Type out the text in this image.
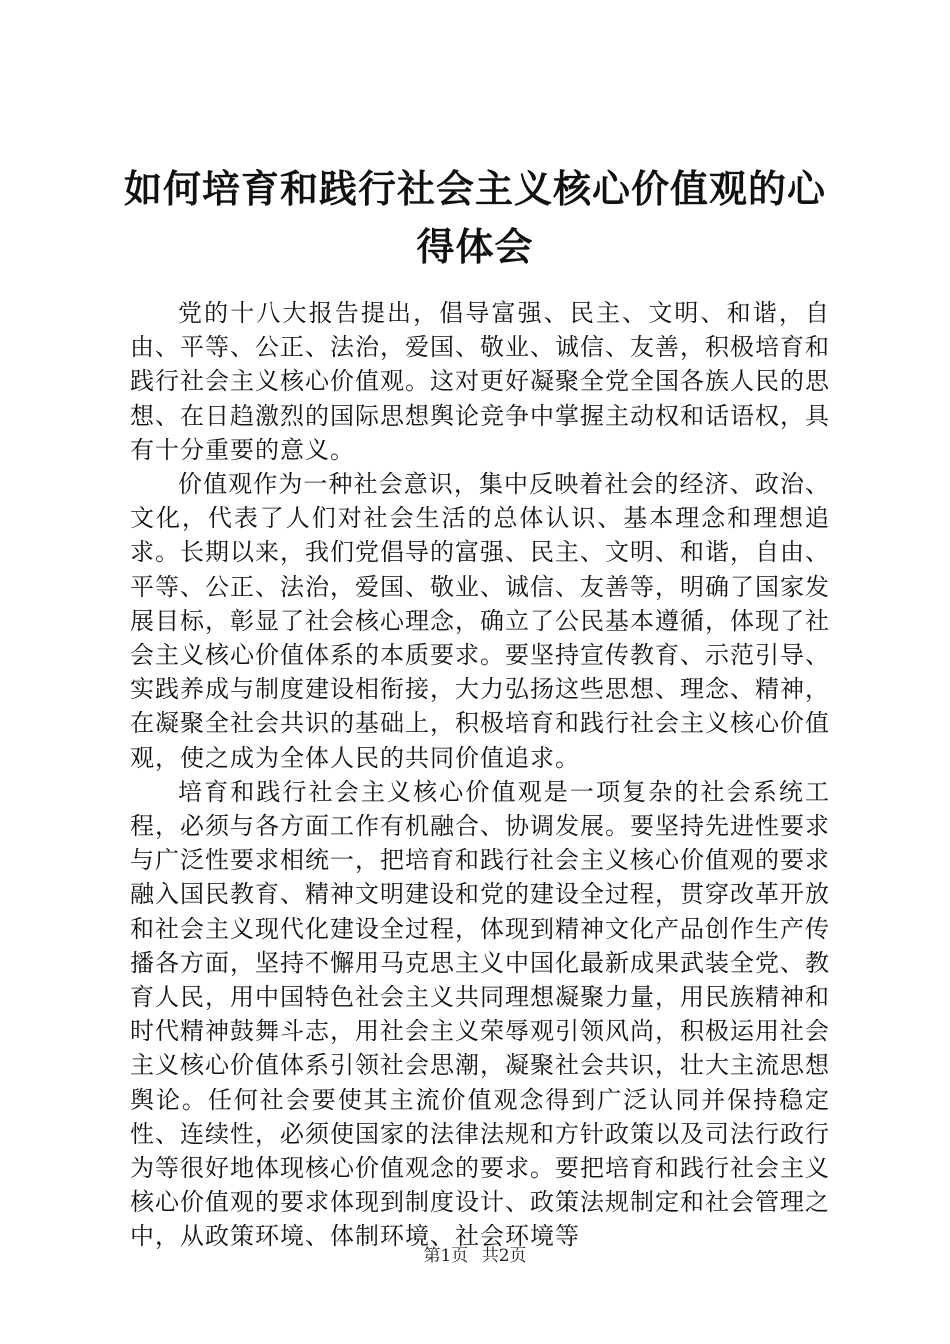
如何培育和践行社会主义核心价值观的心得体会

党的十八大报告提出，倡导富强、民主、文明、和谐，自由、平等、公正、法治，爱国、敬业、诚信、友善，积极培育和践行社会主义核心价值观。这对更好凝聚全党全国各族人民的思想、在日趋激烈的国际思想舆论竞争中掌握主动权和话语权，具有十分重要的意义。

价值观作为一种社会意识，集中反映着社会的经济、政治、文化，代表了人们对社会生活的总体认识、基本理念和理想追求。长期以来，我们党倡导的富强、民主、文明、和谐，自由、平等、公正、法治，爱国、敬业、诚信、友善等，明确了国家发展目标，彰显了社会核心理念，确立了公民基本遵循，体现了社会主义核心价值体系的本质要求。要坚持宣传教育、示范引导、实践养成与制度建设相衔接，大力弘扬这些思想、理念、精神，在凝聚全社会共识的基础上，积极培育和践行社会主义核心价值观，使之成为全体人民的共同价值追求。

培育和践行社会主义核心价值观是一项复杂的社会系统工程，必须与各方面工作有机融合、协调发展。要坚持先进性要求与广泛性要求相统一，把培育和践行社会主义核心价值观的要求融入国民教育、精神文明建设和党的建设全过程，贯穿改革开放和社会主义现代化建设全过程，体现到精神文化产品创作生产传播各方面，坚持不懈用马克思主义中国化最新成果武装全党、教育人民，用中国特色社会主义共同理想凝聚力量，用民族精神和时代精神鼓舞斗志，用社会主义荣辱观引领风尚，积极运用社会主义核心价值体系引领社会思潮，凝聚社会共识，壮大主流思想舆论。任何社会要使其主流价值观念得到广泛认同并保持稳定性、连续性，必须使国家的法律法规和方针政策以及司法行政行为等很好地体现核心价值观念的要求。要把培育和践行社会主义核心价值观的要求体现到制度设计、政策法规制定和社会管理之中，从政策环境、体制环境、社会环境等

第1页 共2页
